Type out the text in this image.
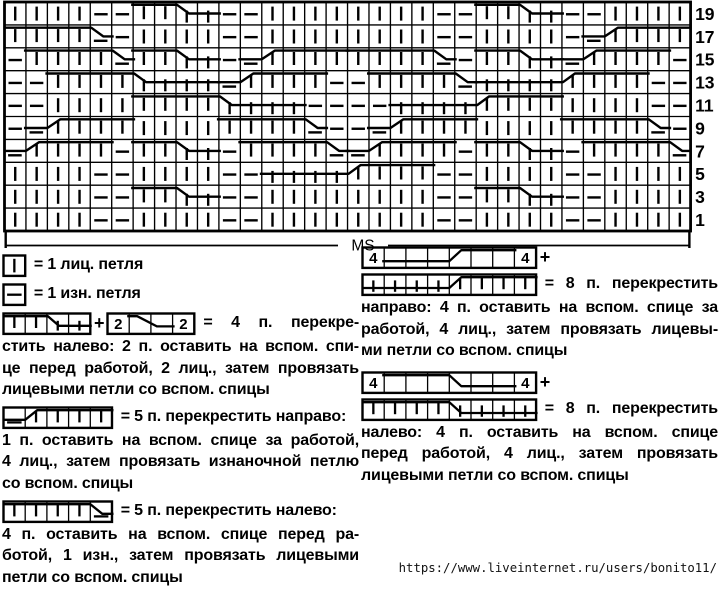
19
17
15
13
11
9
7
5
3
1
MS
= 1 лиц. петля
= 1 изн. петля
+ 2	2 = 4 п. перекре-
стить налево: 2 п. оставить на вспом. спи-
це перед работой, 2 лиц., затем провязать
лицевыми петли со вспом. спицы
= 5 п. перекрестить направо:
1 п. оставить на вспом. спице за работой,
4 лиц., затем провязать изнаночной петлю
со вспом. спицы
= 5 п. перекрестить налево:
4 п. оставить на вспом. спице перед ра-
ботой, 1 изн., затем провязать лицевыми
петли со вспом. спицы
4	4 +
= 8 п. перекрестить
направо: 4 п. оставить на вспом. спице за
работой, 4 лиц., затем провязать лицевы-
ми петли со вспом. спицы
4	4 +
= 8 п. перекрестить
налево: 4 п. оставить на вспом. спице
перед работой, 4 лиц., затем провязать
лицевыми петли со вспом. спицы
https://www.liveinternet.ru/users/bonito11/
